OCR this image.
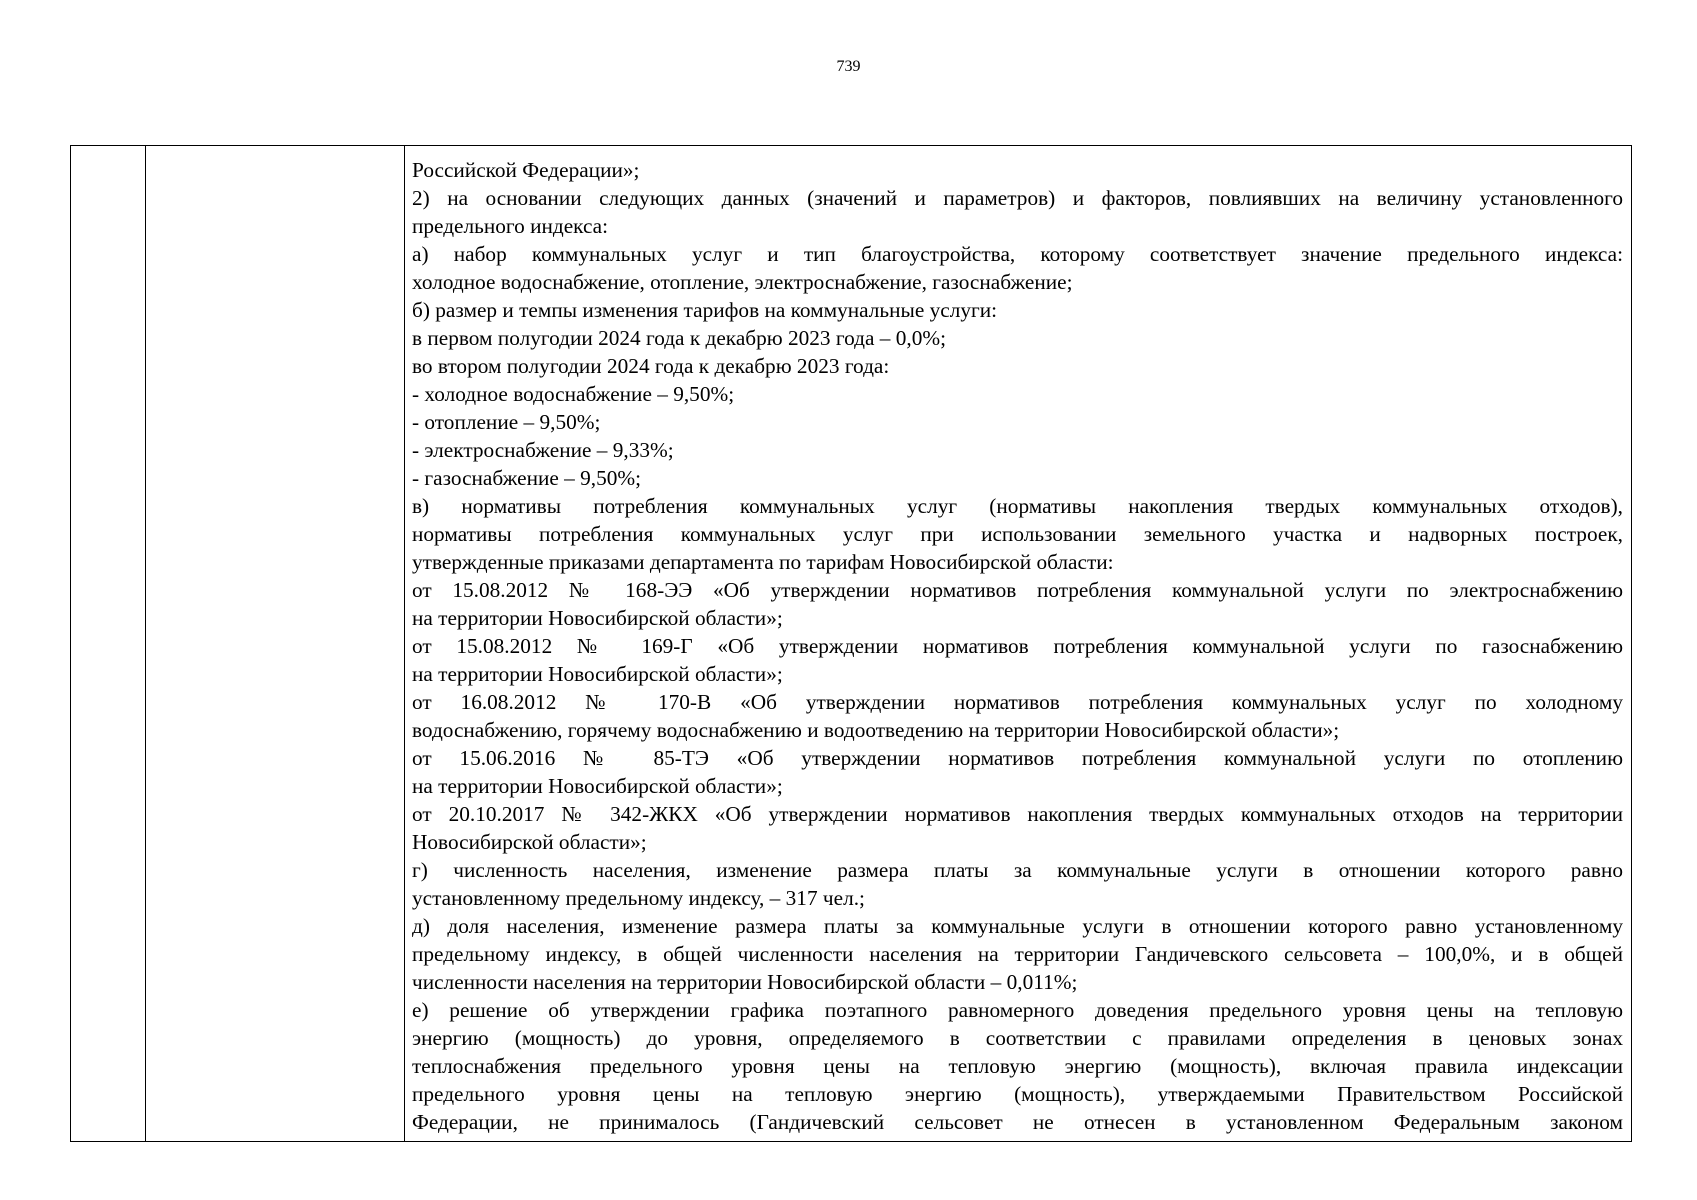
739
Российской Федерации»;
2) на основании следующих данных (значений и параметров) и факторов, повлиявших на величину установленного
предельного индекса:
а) набор коммунальных услуг и тип благоустройства, которому соответствует значение предельного индекса:
холодное водоснабжение, отопление, электроснабжение, газоснабжение;
б) размер и темпы изменения тарифов на коммунальные услуги:
в первом полугодии 2024 года к декабрю 2023 года – 0,0%;
во втором полугодии 2024 года к декабрю 2023 года:
- холодное водоснабжение – 9,50%;
- отопление – 9,50%;
- электроснабжение – 9,33%;
- газоснабжение – 9,50%;
в) нормативы потребления коммунальных услуг (нормативы накопления твердых коммунальных отходов),
нормативы потребления коммунальных услуг при использовании земельного участка и надворных построек,
утвержденные приказами департамента по тарифам Новосибирской области:
от 15.08.2012 № 168-ЭЭ «Об утверждении нормативов потребления коммунальной услуги по электроснабжению
на территории Новосибирской области»;
от 15.08.2012 № 169-Г «Об утверждении нормативов потребления коммунальной услуги по газоснабжению
на территории Новосибирской области»;
от 16.08.2012 № 170-В «Об утверждении нормативов потребления коммунальных услуг по холодному
водоснабжению, горячему водоснабжению и водоотведению на территории Новосибирской области»;
от 15.06.2016 № 85-ТЭ «Об утверждении нормативов потребления коммунальной услуги по отоплению
на территории Новосибирской области»;
от 20.10.2017 № 342-ЖКХ «Об утверждении нормативов накопления твердых коммунальных отходов на территории
Новосибирской области»;
г) численность населения, изменение размера платы за коммунальные услуги в отношении которого равно
установленному предельному индексу, – 317 чел.;
д) доля населения, изменение размера платы за коммунальные услуги в отношении которого равно установленному
предельному индексу, в общей численности населения на территории Гандичевского сельсовета – 100,0%, и в общей
численности населения на территории Новосибирской области – 0,011%;
е) решение об утверждении графика поэтапного равномерного доведения предельного уровня цены на тепловую
энергию (мощность) до уровня, определяемого в соответствии с правилами определения в ценовых зонах
теплоснабжения предельного уровня цены на тепловую энергию (мощность), включая правила индексации
предельного уровня цены на тепловую энергию (мощность), утверждаемыми Правительством Российской
Федерации, не принималось (Гандичевский сельсовет не отнесен в установленном Федеральным законом
